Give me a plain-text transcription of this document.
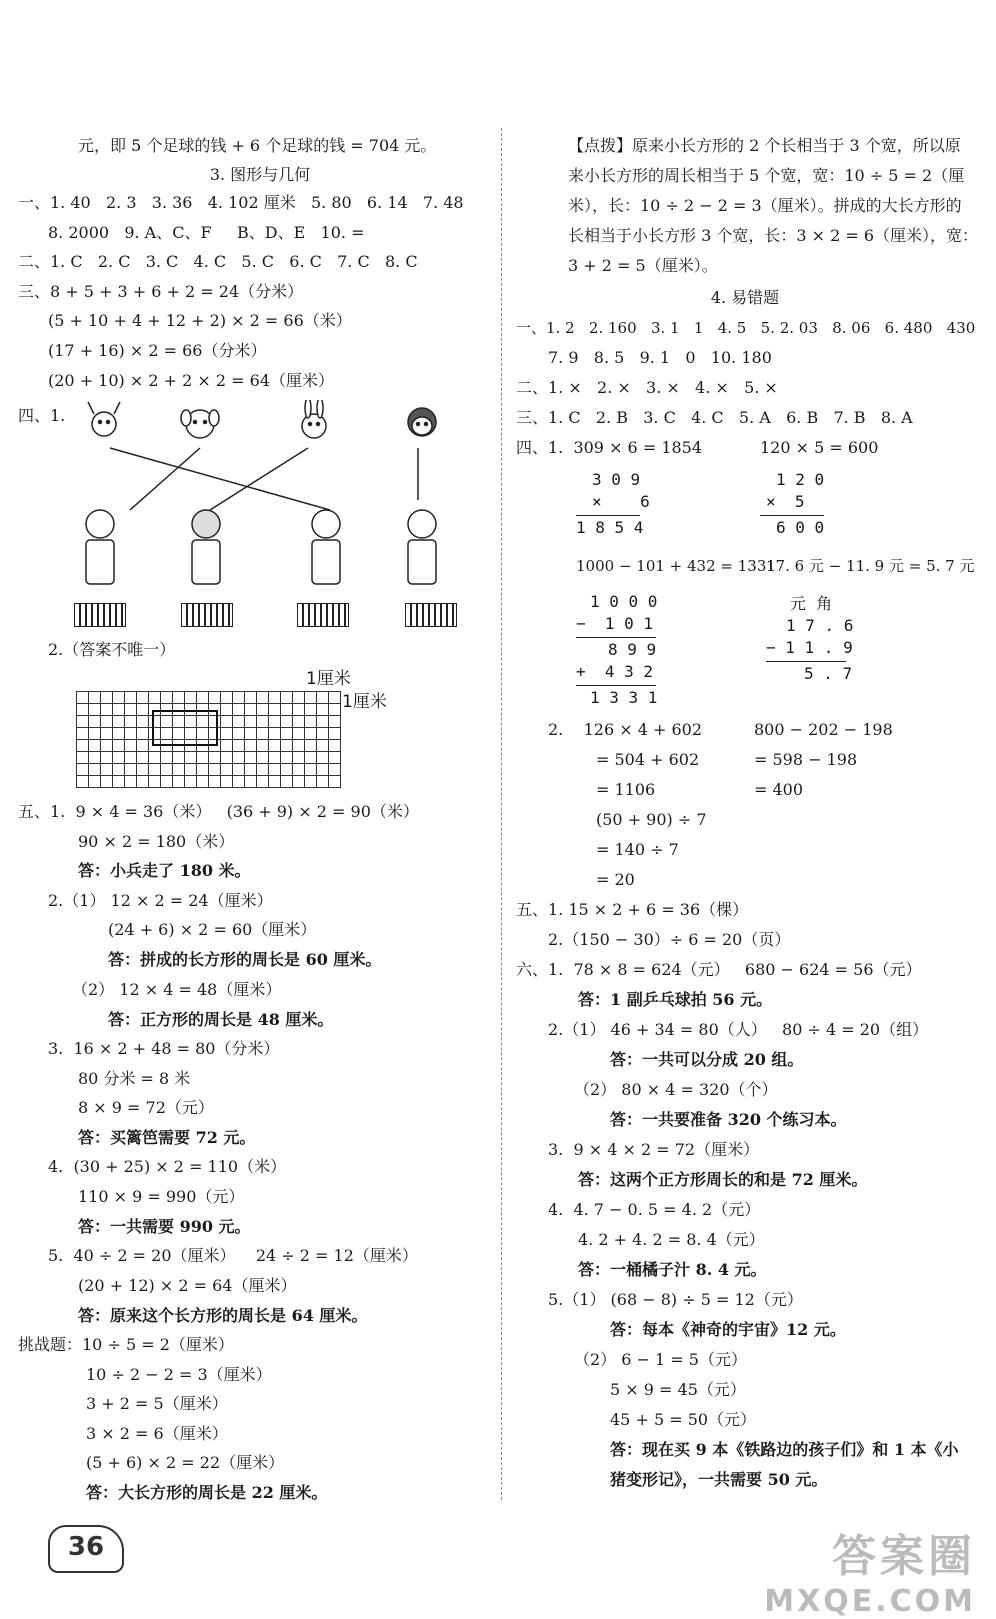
元，即 5 个足球的钱 + 6 个足球的钱 = 704 元。
3. 图形与几何
一、1. 40   2. 3   3. 36   4. 102 厘米   5. 80   6. 14   7. 48
8. 2000   9. A、C、F     B、D、E   10. =
二、1. C   2. C   3. C   4. C   5. C   6. C   7. C   8. C
三、8 + 5 + 3 + 6 + 2 = 24（分米）
(5 + 10 + 4 + 12 + 2) × 2 = 66（米）
(17 + 16) × 2 = 66（分米）
(20 + 10) × 2 + 2 × 2 = 64（厘米）
四、1.
2.（答案不唯一）
1厘米
1厘米
五、1.  9 × 4 = 36（米）   (36 + 9) × 2 = 90（米）
90 × 2 = 180（米）
答：小兵走了 180 米。
2.（1） 12 × 2 = 24（厘米）
(24 + 6) × 2 = 60（厘米）
答：拼成的长方形的周长是 60 厘米。
（2） 12 × 4 = 48（厘米）
答：正方形的周长是 48 厘米。
3.  16 × 2 + 48 = 80（分米）
80 分米 = 8 米
8 × 9 = 72（元）
答：买篱笆需要 72 元。
4.  (30 + 25) × 2 = 110（米）
110 × 9 = 990（元）
答：一共需要 990 元。
5.  40 ÷ 2 = 20（厘米）    24 ÷ 2 = 12（厘米）
(20 + 12) × 2 = 64（厘米）
答：原来这个长方形的周长是 64 厘米。
挑战题：10 ÷ 5 = 2（厘米）
10 ÷ 2 − 2 = 3（厘米）
3 + 2 = 5（厘米）
3 × 2 = 6（厘米）
(5 + 6) × 2 = 22（厘米）
答：大长方形的周长是 22 厘米。
36
【点拨】原来小长方形的 2 个长相当于 3 个宽，所以原
来小长方形的周长相当于 5 个宽，宽：10 ÷ 5 = 2（厘
米），长：10 ÷ 2 − 2 = 3（厘米）。拼成的大长方形的
长相当于小长方形 3 个宽，长：3 × 2 = 6（厘米），宽：
3 + 2 = 5（厘米）。
4. 易错题
一、1. 2   2. 160   3. 1   1   4. 5   5. 2. 03   8. 06   6. 480   430
7. 9   8. 5   9. 1   0   10. 180
二、1. ×   2. ×   3. ×   4. ×   5. ×
三、1. C   2. B   3. C   4. C   5. A   6. B   7. B   8. A
四、1.  309 × 6 = 1854	120 × 5 = 600
3 0 9
×    6
1 8 5 4
1 2 0
×  5
6 0 0
1000 − 101 + 432 = 1331
17. 6 元 − 11. 9 元 = 5. 7 元
1 0 0 0
−  1 0 1
8 9 9
+  4 3 2
1 3 3 1
元  角
1 7 . 6
− 1 1 . 9
5 . 7
2.    126 × 4 + 602
= 504 + 602
= 1106
800 − 202 − 198
= 598 − 198
= 400
(50 + 90) ÷ 7
= 140 ÷ 7
= 20
五、1. 15 × 2 + 6 = 36（棵）
2.（150 − 30）÷ 6 = 20（页）
六、1.  78 × 8 = 624（元）   680 − 624 = 56（元）
答：1 副乒乓球拍 56 元。
2.（1） 46 + 34 = 80（人）   80 ÷ 4 = 20（组）
答：一共可以分成 20 组。
（2） 80 × 4 = 320（个）
答：一共要准备 320 个练习本。
3.  9 × 4 × 2 = 72（厘米）
答：这两个正方形周长的和是 72 厘米。
4.  4. 7 − 0. 5 = 4. 2（元）
4. 2 + 4. 2 = 8. 4（元）
答：一桶橘子汁 8. 4 元。
5.（1） (68 − 8) ÷ 5 = 12（元）
答：每本《神奇的宇宙》12 元。
（2） 6 − 1 = 5（元）
5 × 9 = 45（元）
45 + 5 = 50（元）
答：现在买 9 本《铁路边的孩子们》和 1 本《小
猪变形记》，一共需要 50 元。
答案圈
MXQE.COM
